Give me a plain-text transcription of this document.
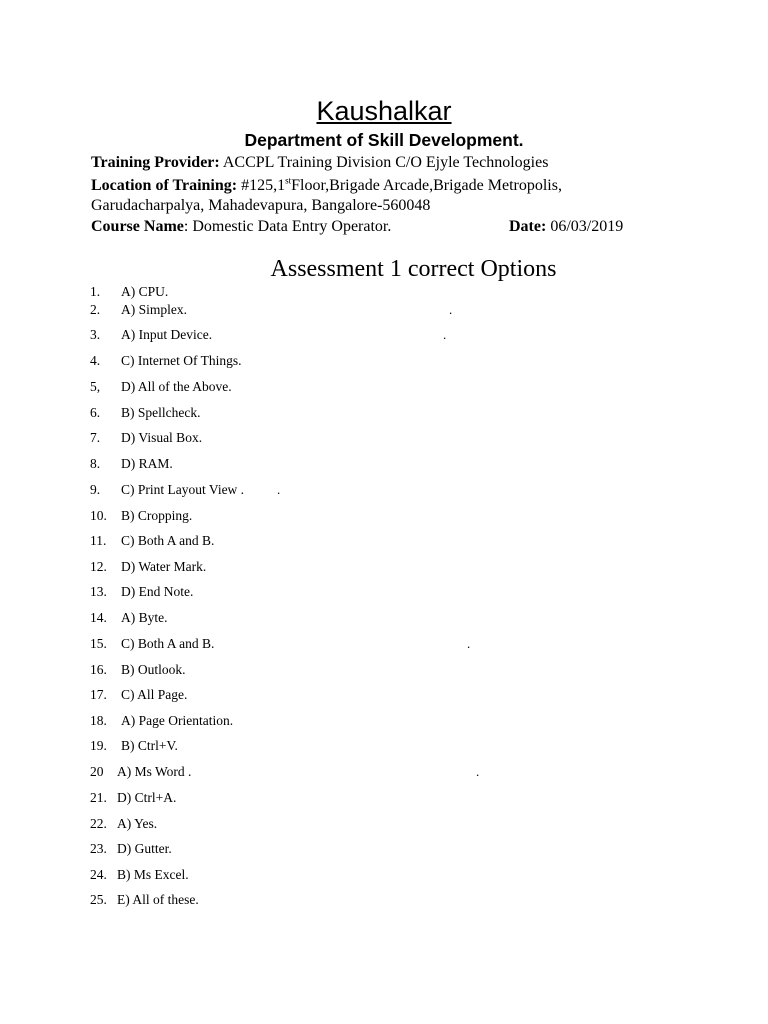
Kaushalkar
Department of Skill Development.
Training Provider: ACCPL Training Division C/O Ejyle Technologies
Location of Training: #125,1stFloor,Brigade Arcade,Brigade Metropolis,
Garudacharpalya, Mahadevapura, Bangalore-560048
Course Name: Domestic Data Entry Operator.	Date: 06/03/2019
Assessment 1 correct Options
1. A) CPU.
2. A) Simplex.
3. A) Input Device.
4. C) Internet Of Things.
5, D) All of the Above.
6. B) Spellcheck.
7. D) Visual Box.
8. D) RAM.
9. C) Print Layout View .
10. B) Cropping.
11. C) Both A and B.
12. D) Water Mark.
13. D) End Note.
14. A) Byte.
15. C) Both A and B.
16. B) Outlook.
17. C) All Page.
18. A) Page Orientation.
19. B) Ctrl+V.
20 A) Ms Word .
21. D) Ctrl+A.
22. A) Yes.
23. D) Gutter.
24. B) Ms Excel.
25. E) All of these.
.
.
.
.
.
